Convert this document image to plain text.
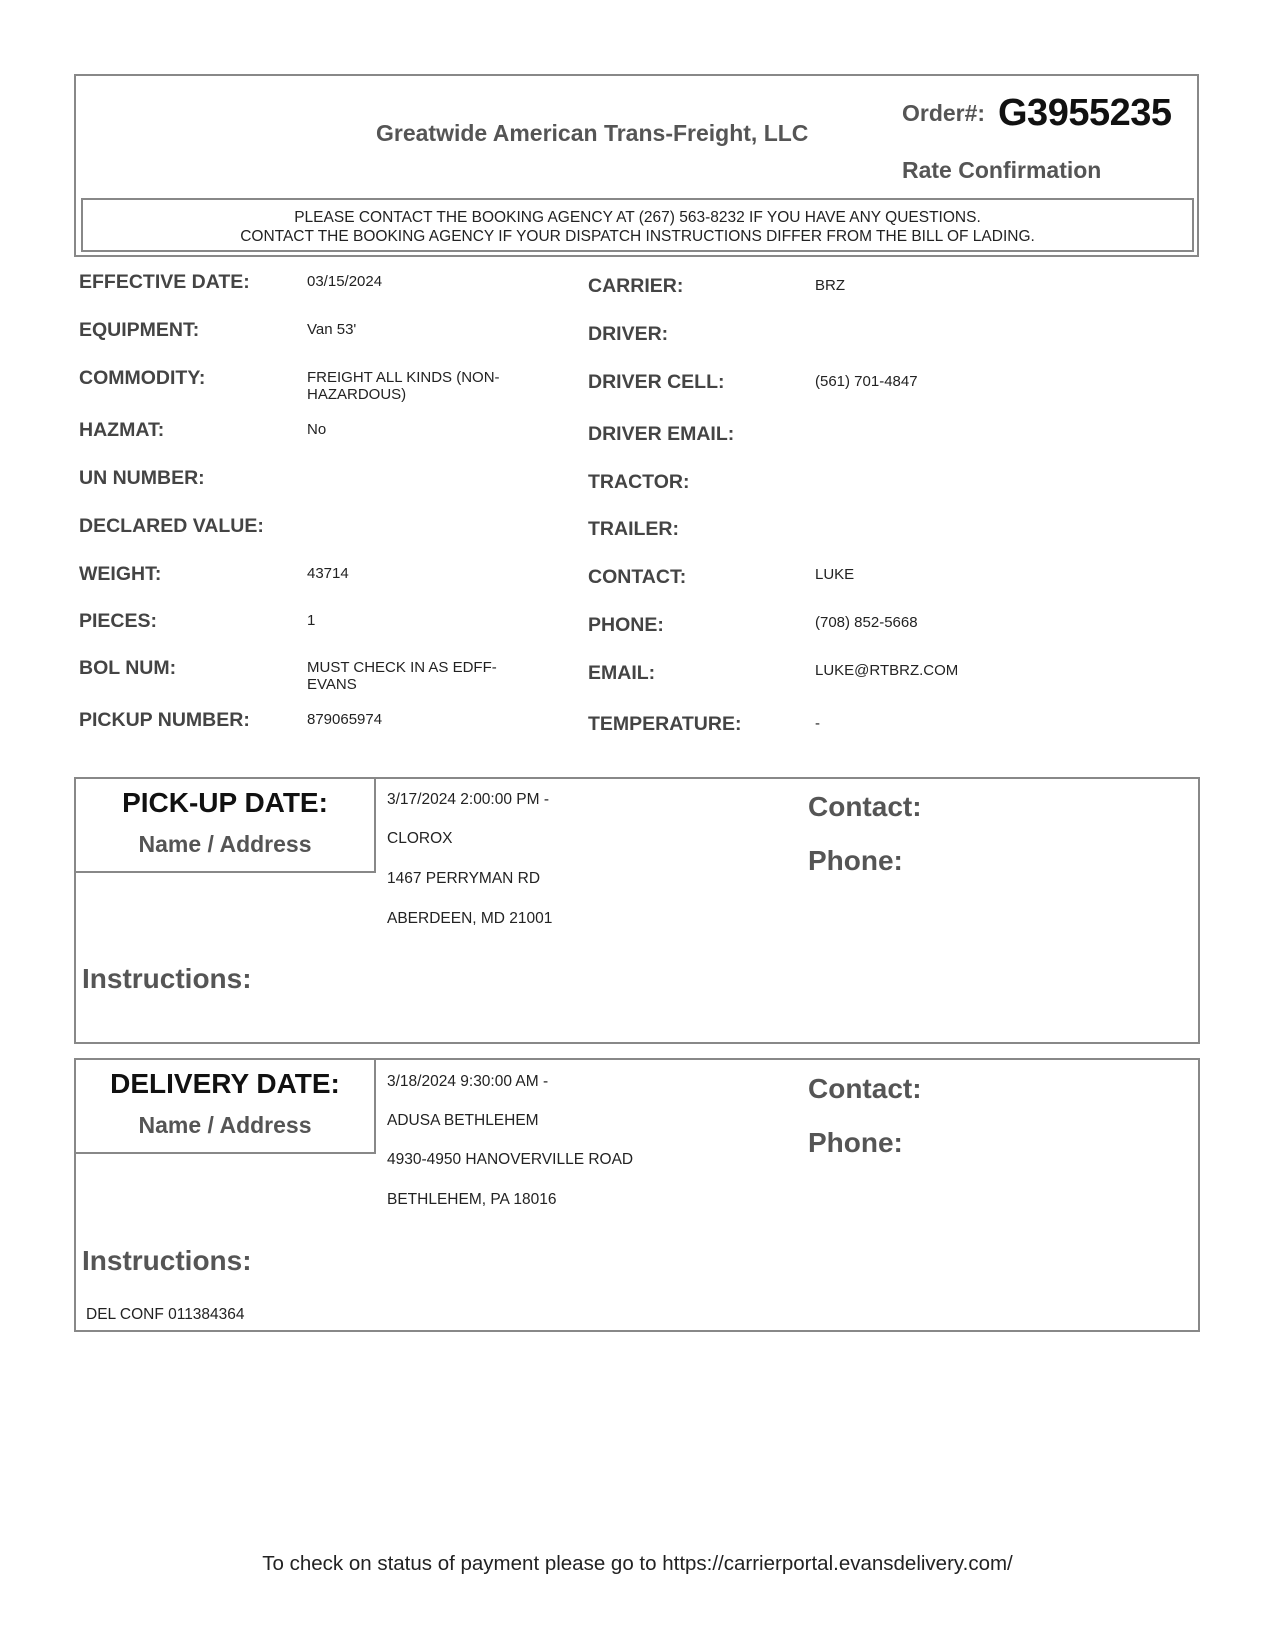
Greatwide American Trans-Freight, LLC
Order#: G3955235
Rate Confirmation
PLEASE CONTACT THE BOOKING AGENCY AT (267) 563-8232 IF YOU HAVE ANY QUESTIONS.
CONTACT THE BOOKING AGENCY IF YOUR DISPATCH INSTRUCTIONS DIFFER FROM THE BILL OF LADING.
EFFECTIVE DATE:	03/15/2024
EQUIPMENT:	Van 53'
COMMODITY:	FREIGHT ALL KINDS (NON-HAZARDOUS)
HAZMAT:	No
UN NUMBER:
DECLARED VALUE:
WEIGHT:	43714
PIECES:	1
BOL NUM:	MUST CHECK IN AS EDFF-EVANS
PICKUP NUMBER:	879065974
CARRIER:	BRZ
DRIVER:
DRIVER CELL:	(561) 701-4847
DRIVER EMAIL:
TRACTOR:
TRAILER:
CONTACT:	LUKE
PHONE:	(708) 852-5668
EMAIL:	LUKE@RTBRZ.COM
TEMPERATURE:	-
PICK-UP DATE:
Name / Address
3/17/2024 2:00:00 PM -
CLOROX
1467 PERRYMAN RD
ABERDEEN, MD 21001
Contact:
Phone:
Instructions:
DELIVERY DATE:
Name / Address
3/18/2024 9:30:00 AM -
ADUSA BETHLEHEM
4930-4950 HANOVERVILLE ROAD
BETHLEHEM, PA 18016
Contact:
Phone:
Instructions:
DEL CONF 011384364
To check on status of payment please go to https://carrierportal.evansdelivery.com/
